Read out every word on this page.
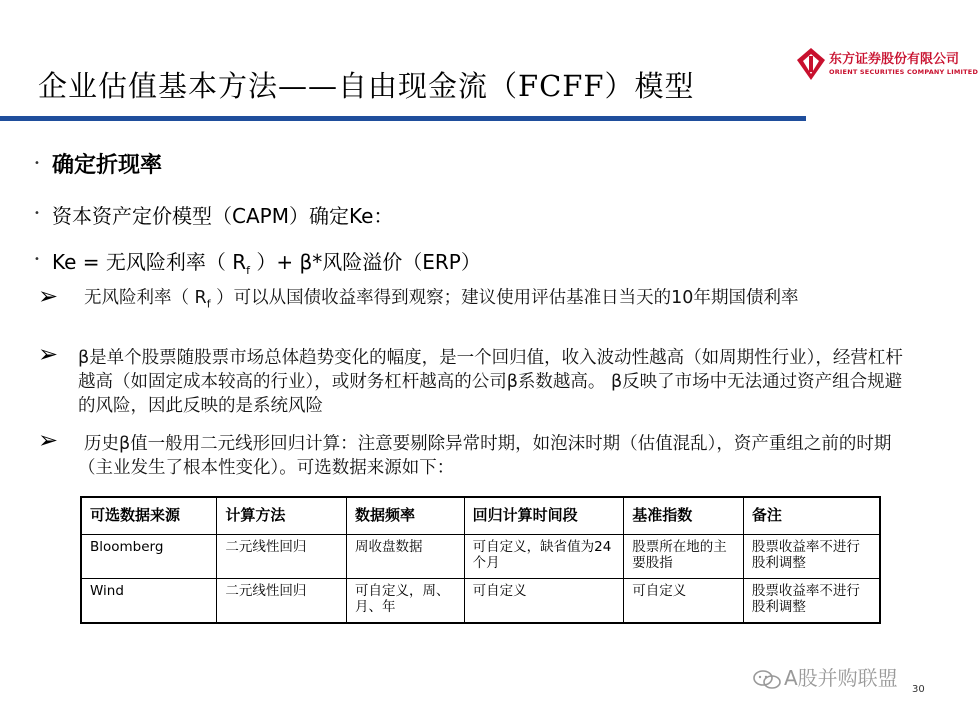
企业估值基本方法——自由现金流（FCFF）模型
东方证券股份有限公司
ORIENT SECURITIES COMPANY LIMITED
• 确定折现率
• 资本资产定价模型（CAPM）确定Ke：
• Ke = 无风险利率（ $R_f$ ）+ β*风险溢价（ERP）
➢	无风险利率（ $R_f$ ）可以从国债收益率得到观察；建议使用评估基准日当天的10年期国债利率
➢ β是单个股票随股票市场总体趋势变化的幅度，是一个回归值，收入波动性越高（如周期性行业），经营杠杆越高（如固定成本较高的行业），或财务杠杆越高的公司β系数越高。 β反映了市场中无法通过资产组合规避的风险，因此反映的是系统风险
➢	历史β值一般用二元线形回归计算：注意要剔除异常时期，如泡沫时期（估值混乱），资产重组之前的时期（主业发生了根本性变化）。可选数据来源如下：
可选数据来源	计算方法	数据频率	回归计算时间段	基准指数	备注
Bloomberg	二元线性回归	周收盘数据	可自定义，缺省值为24个月	股票所在地的主要股指	股票收益率不进行股利调整
Wind	二元线性回归	可自定义，周、月、年	可自定义	可自定义	股票收益率不进行股利调整
A股并购联盟 30
